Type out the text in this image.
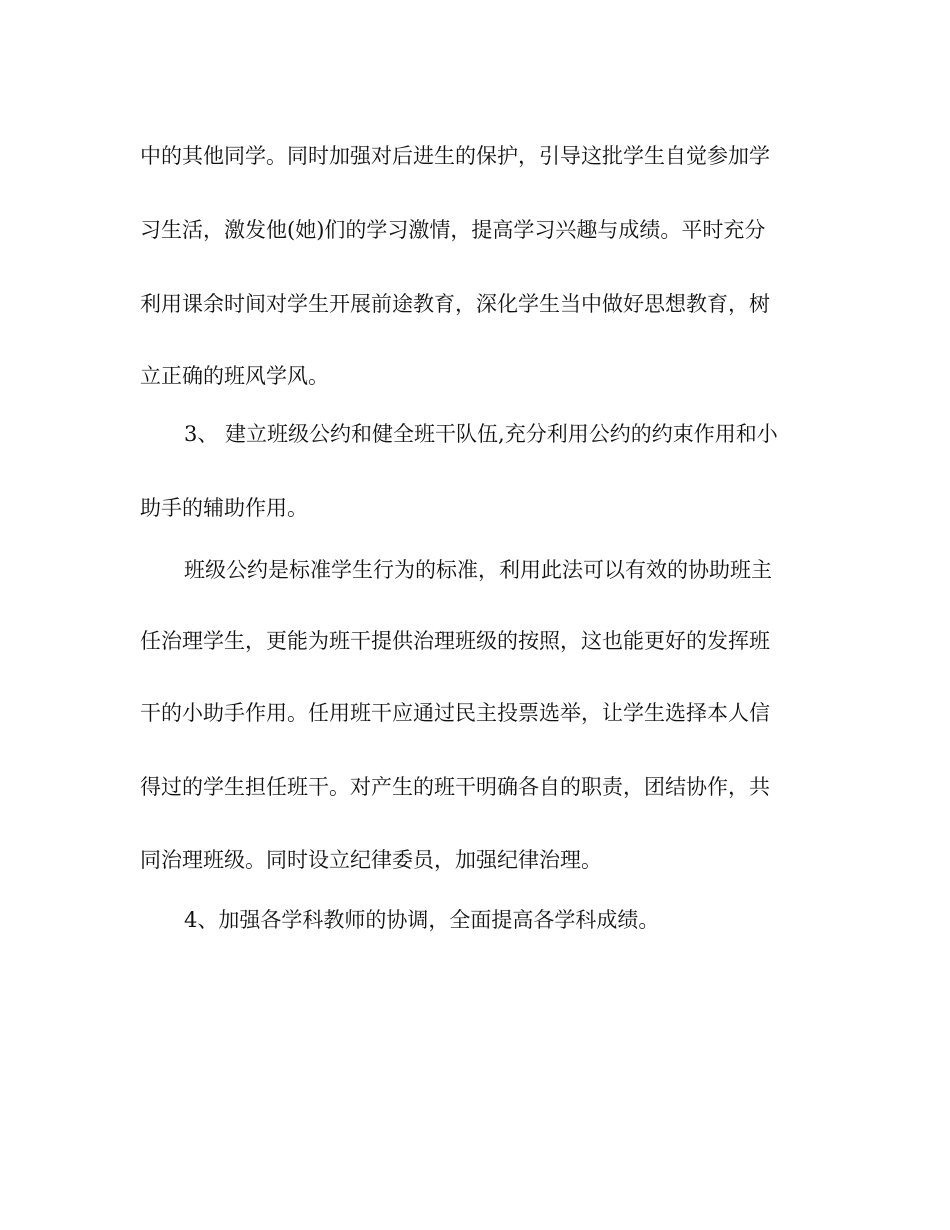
中的其他同学。同时加强对后进生的保护，引导这批学生自觉参加学

习生活，激发他(她)们的学习激情，提高学习兴趣与成绩。平时充分

利用课余时间对学生开展前途教育，深化学生当中做好思想教育，树

立正确的班风学风。

3、 建立班级公约和健全班干队伍,充分利用公约的约束作用和小

助手的辅助作用。

班级公约是标准学生行为的标准，利用此法可以有效的协助班主

任治理学生，更能为班干提供治理班级的按照，这也能更好的发挥班

干的小助手作用。任用班干应通过民主投票选举，让学生选择本人信

得过的学生担任班干。对产生的班干明确各自的职责，团结协作，共

同治理班级。同时设立纪律委员，加强纪律治理。

4、加强各学科教师的协调，全面提高各学科成绩。
